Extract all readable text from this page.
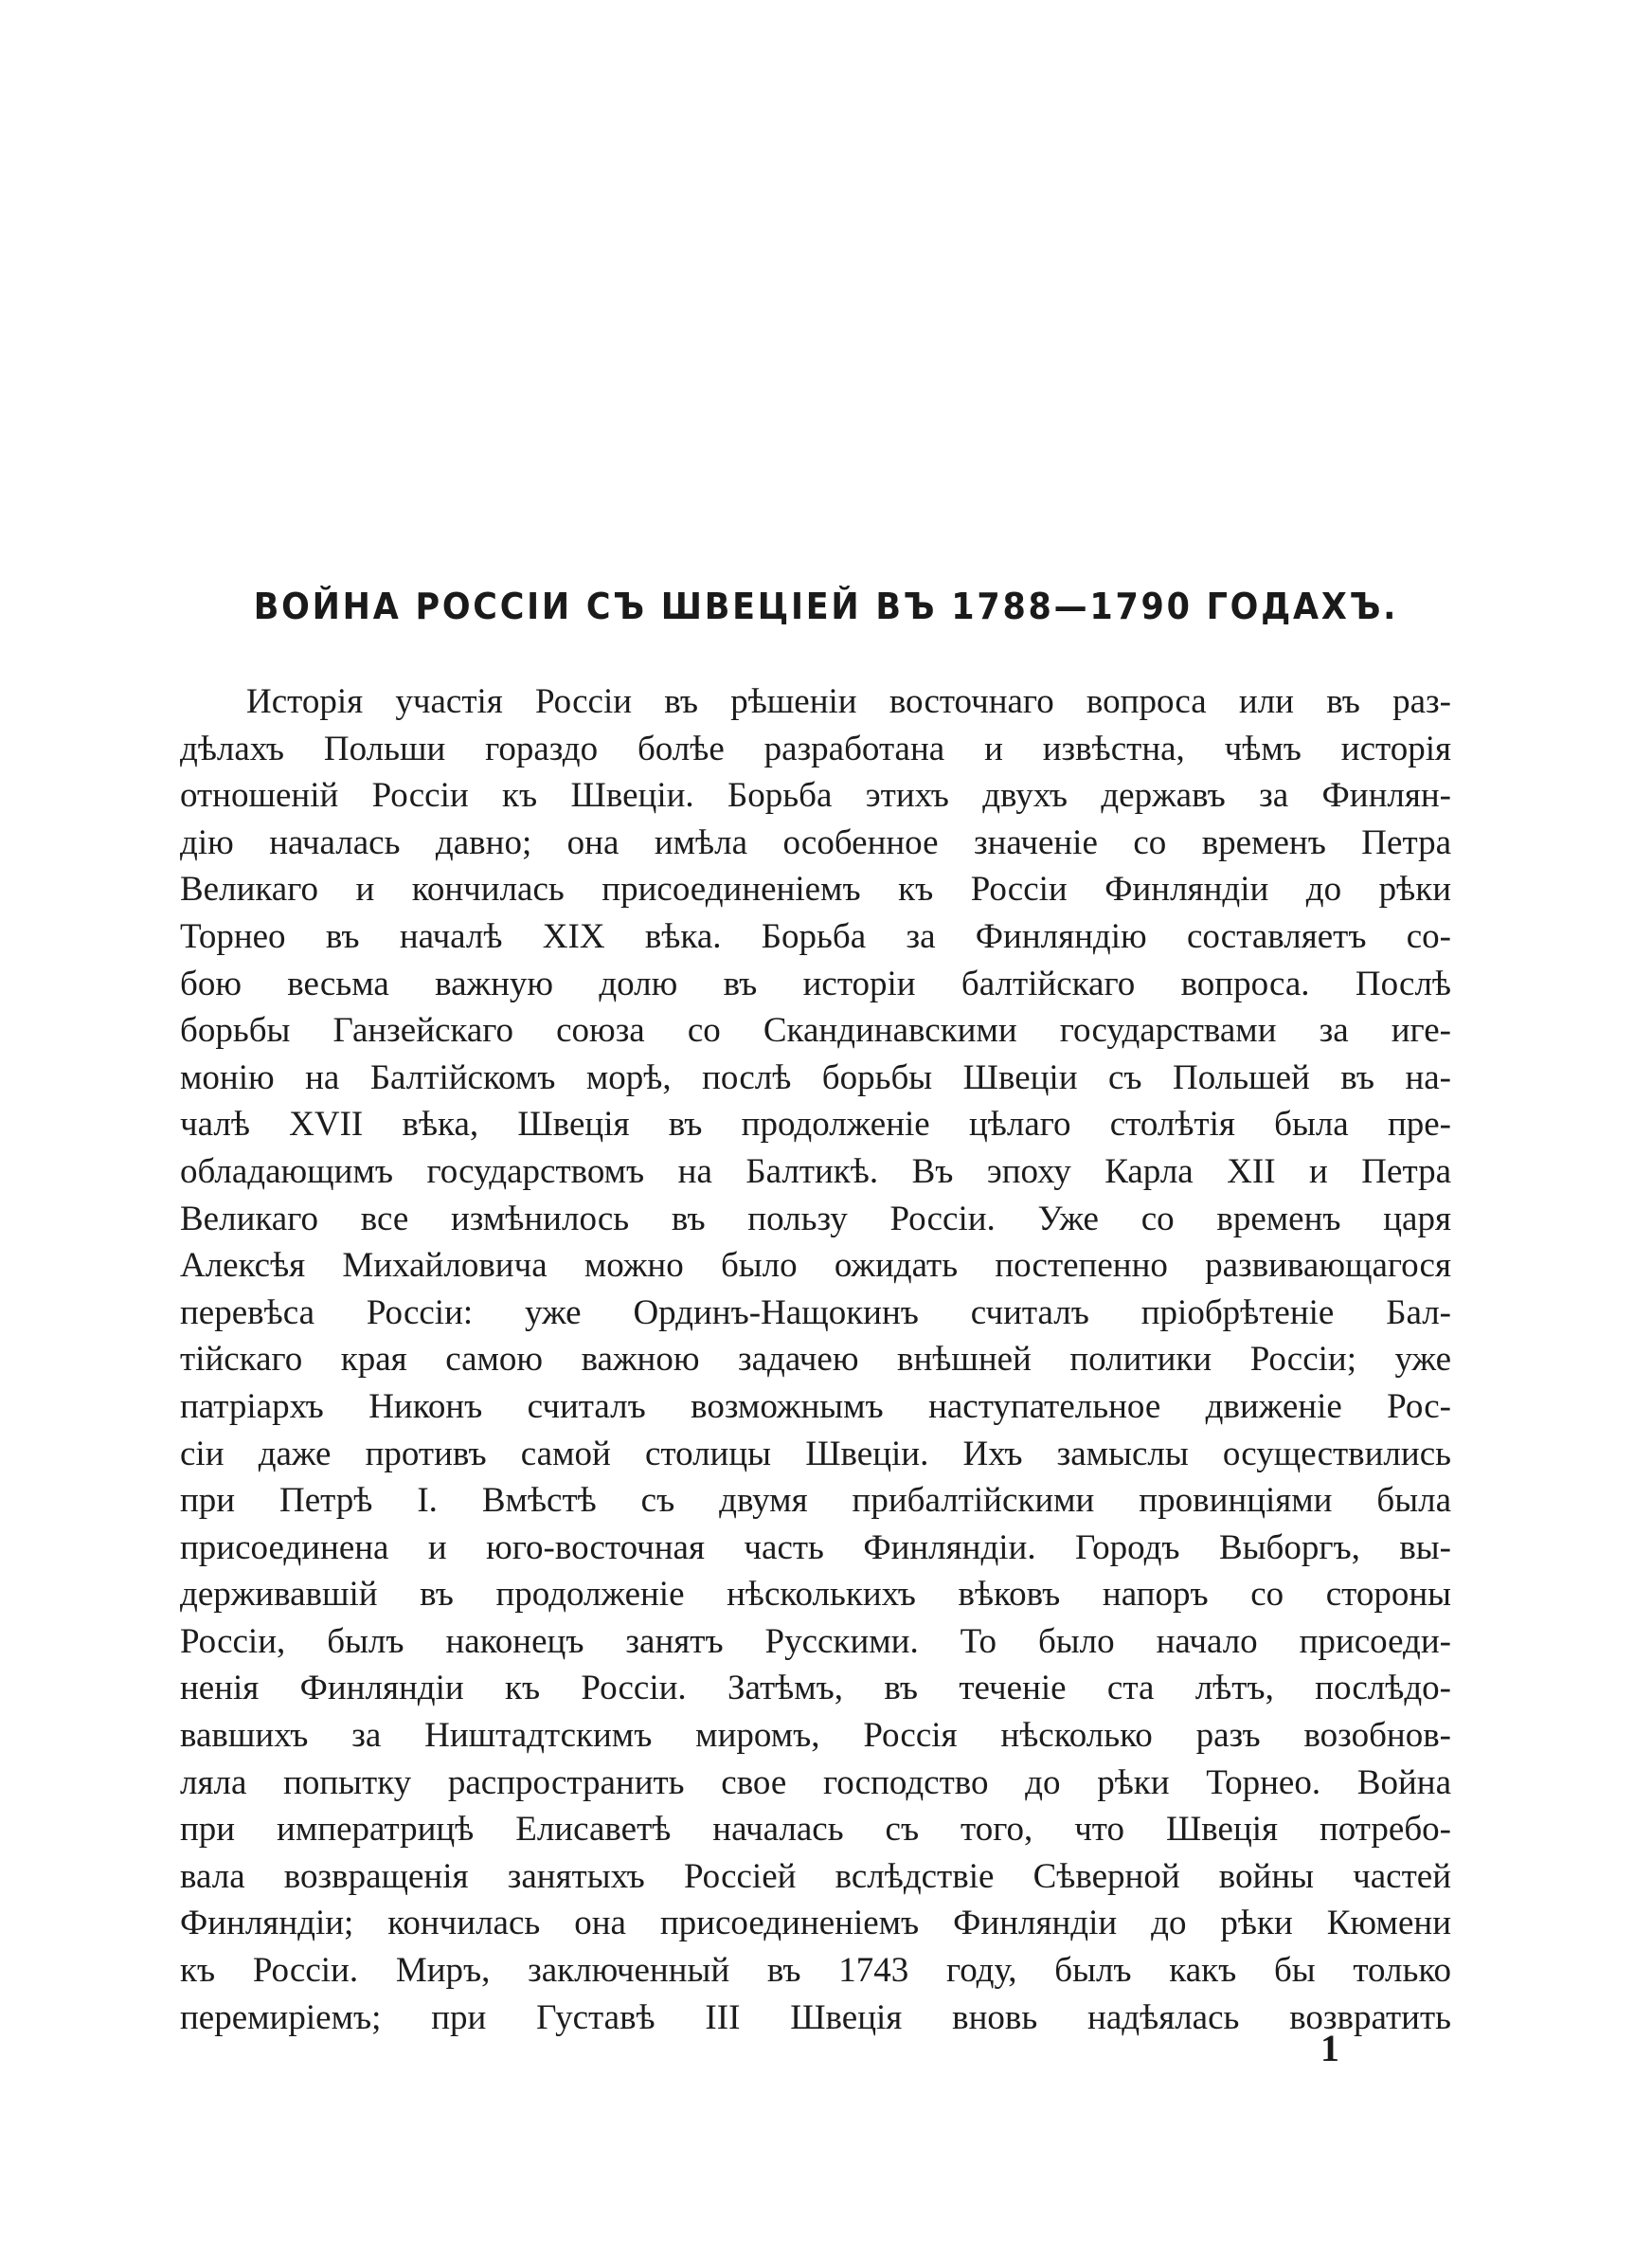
ВОЙНА РОССІИ СЪ ШВЕЦІЕЙ ВЪ 1788—1790 ГОДАХЪ.
Исторія участія Россіи въ рѣшеніи восточнаго вопроса или въ раз-
дѣлахъ Польши гораздо болѣе разработана и извѣстна, чѣмъ исторія
отношеній Россіи къ Швеціи. Борьба этихъ двухъ державъ за Финлян-
дію началась давно; она имѣла особенное значеніе со временъ Петра
Великаго и кончилась присоединеніемъ къ Россіи Финляндіи до рѣки
Торнео въ началѣ XIX вѣка. Борьба за Финляндію составляетъ со-
бою весьма важную долю въ исторіи балтійскаго вопроса. Послѣ
борьбы Ганзейскаго союза со Скандинавскими государствами за иге-
монію на Балтійскомъ морѣ, послѣ борьбы Швеціи съ Польшей въ на-
чалѣ XVII вѣка, Швеція въ продолженіе цѣлаго столѣтія была пре-
обладающимъ государствомъ на Балтикѣ. Въ эпоху Карла XII и Петра
Великаго все измѣнилось въ пользу Россіи. Уже со временъ царя
Алексѣя Михайловича можно было ожидать постепенно развивающагося
перевѣса Россіи: уже Ординъ-Нащокинъ считалъ пріобрѣтеніе Бал-
тійскаго края самою важною задачею внѣшней политики Россіи; уже
патріархъ Никонъ считалъ возможнымъ наступательное движеніе Рос-
сіи даже противъ самой столицы Швеціи. Ихъ замыслы осуществились
при Петрѣ I. Вмѣстѣ съ двумя прибалтійскими провинціями была
присоединена и юго-восточная часть Финляндіи. Городъ Выборгъ, вы-
держивавшій въ продолженіе нѣсколькихъ вѣковъ напоръ со стороны
Россіи, былъ наконецъ занятъ Русскими. То было начало присоеди-
ненія Финляндіи къ Россіи. Затѣмъ, въ теченіе ста лѣтъ, послѣдо-
вавшихъ за Ништадтскимъ миромъ, Россія нѣсколько разъ возобнов-
ляла попытку распространить свое господство до рѣки Торнео. Война
при императрицѣ Елисаветѣ началась съ того, что Швеція потребо-
вала возвращенія занятыхъ Россіей вслѣдствіе Сѣверной войны частей
Финляндіи; кончилась она присоединеніемъ Финляндіи до рѣки Кюмени
къ Россіи. Миръ, заключенный въ 1743 году, былъ какъ бы только
перемиріемъ; при Густавѣ III Швеція вновь надѣялась возвратить
1
